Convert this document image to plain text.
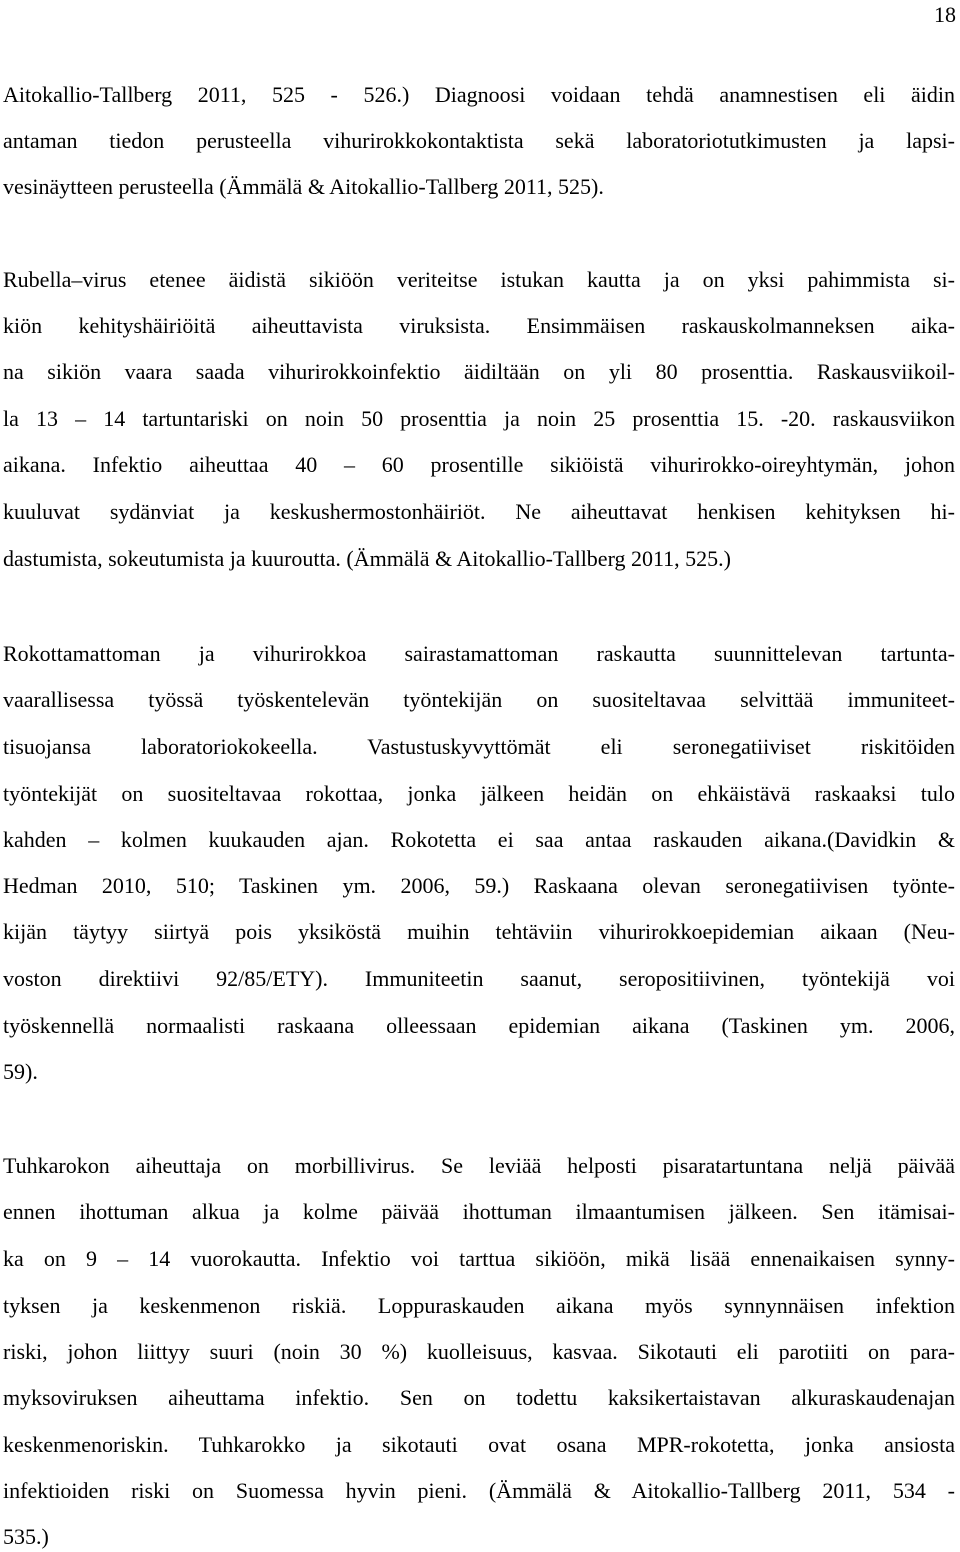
18
Aitokallio-Tallberg 2011, 525 - 526.) Diagnoosi voidaan tehdä anamnestisen eli äidin
antaman tiedon perusteella vihurirokkokontaktista sekä laboratoriotutkimusten ja lapsi-
vesinäytteen perusteella (Ämmälä & Aitokallio-Tallberg 2011, 525).
Rubella–virus etenee äidistä sikiöön veriteitse istukan kautta ja on yksi pahimmista si-
kiön kehityshäiriöitä aiheuttavista viruksista. Ensimmäisen raskauskolmanneksen aika-
na sikiön vaara saada vihurirokkoinfektio äidiltään on yli 80 prosenttia. Raskausviikoil-
la 13 – 14 tartuntariski on noin 50 prosenttia ja noin 25 prosenttia 15. -20. raskausviikon
aikana. Infektio aiheuttaa 40 – 60 prosentille sikiöistä vihurirokko-oireyhtymän, johon
kuuluvat sydänviat ja keskushermostonhäiriöt. Ne aiheuttavat henkisen kehityksen hi-
dastumista, sokeutumista ja kuuroutta. (Ämmälä & Aitokallio-Tallberg 2011, 525.)
Rokottamattoman ja vihurirokkoa sairastamattoman raskautta suunnittelevan tartunta-
vaarallisessa työssä työskentelevän työntekijän on suositeltavaa selvittää immuniteet-
tisuojansa laboratoriokokeella. Vastustuskyvyttömät eli seronegatiiviset riskitöiden
työntekijät on suositeltavaa rokottaa, jonka jälkeen heidän on ehkäistävä raskaaksi tulo
kahden – kolmen kuukauden ajan. Rokotetta ei saa antaa raskauden aikana.(Davidkin &
Hedman 2010, 510; Taskinen ym. 2006, 59.) Raskaana olevan seronegatiivisen työnte-
kijän täytyy siirtyä pois yksiköstä muihin tehtäviin vihurirokkoepidemian aikaan (Neu-
voston direktiivi 92/85/ETY). Immuniteetin saanut, seropositiivinen, työntekijä voi
työskennellä normaalisti raskaana olleessaan epidemian aikana (Taskinen ym. 2006,
59).
Tuhkarokon aiheuttaja on morbillivirus. Se leviää helposti pisaratartuntana neljä päivää
ennen ihottuman alkua ja kolme päivää ihottuman ilmaantumisen jälkeen. Sen itämisai-
ka on 9 – 14 vuorokautta. Infektio voi tarttua sikiöön, mikä lisää ennenaikaisen synny-
tyksen ja keskenmenon riskiä. Loppuraskauden aikana myös synnynnäisen infektion
riski, johon liittyy suuri (noin 30 %) kuolleisuus, kasvaa. Sikotauti eli parotiiti on para-
myksoviruksen aiheuttama infektio. Sen on todettu kaksikertaistavan alkuraskaudenajan
keskenmenoriskin. Tuhkarokko ja sikotauti ovat osana MPR-rokotetta, jonka ansiosta
infektioiden riski on Suomessa hyvin pieni. (Ämmälä & Aitokallio-Tallberg 2011, 534 -
535.)
